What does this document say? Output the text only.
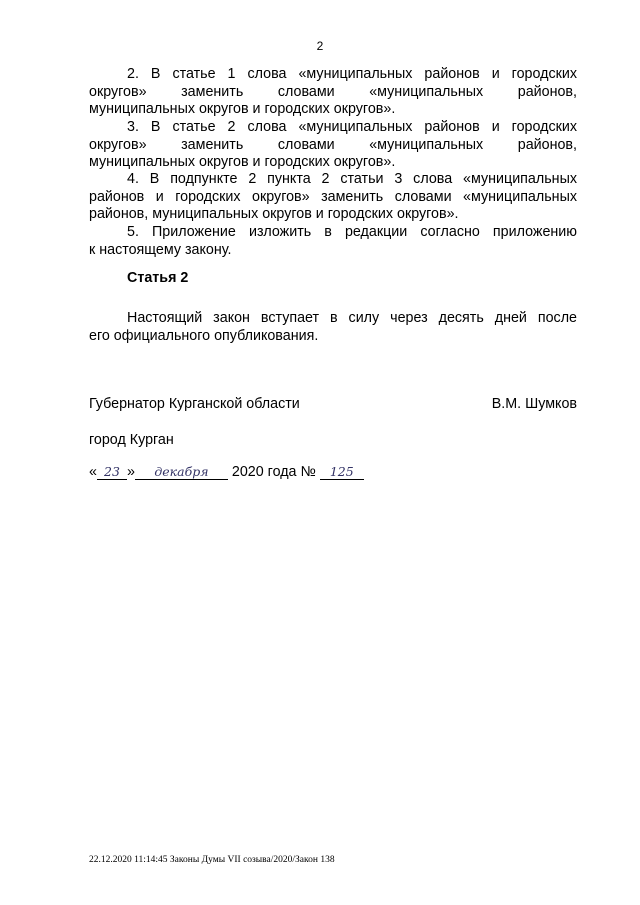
2
2. В статье 1 слова «муниципальных районов и городских
округов» заменить словами «муниципальных районов,
муниципальных округов и городских округов».
3. В статье 2 слова «муниципальных районов и городских
округов» заменить словами «муниципальных районов,
муниципальных округов и городских округов».
4. В подпункте 2 пункта 2 статьи 3 слова «муниципальных
районов и городских округов» заменить словами «муниципальных
районов, муниципальных округов и городских округов».
5. Приложение изложить в редакции согласно приложению
к настоящему закону.
Статья 2
Настоящий закон вступает в силу через десять дней после
его официального опубликования.
Губернатор Курганской области	В.М. Шумков
город Курган
« 23 » декабря 2020 года № 125
22.12.2020 11:14:45 Законы Думы VII созыва/2020/Закон 138
